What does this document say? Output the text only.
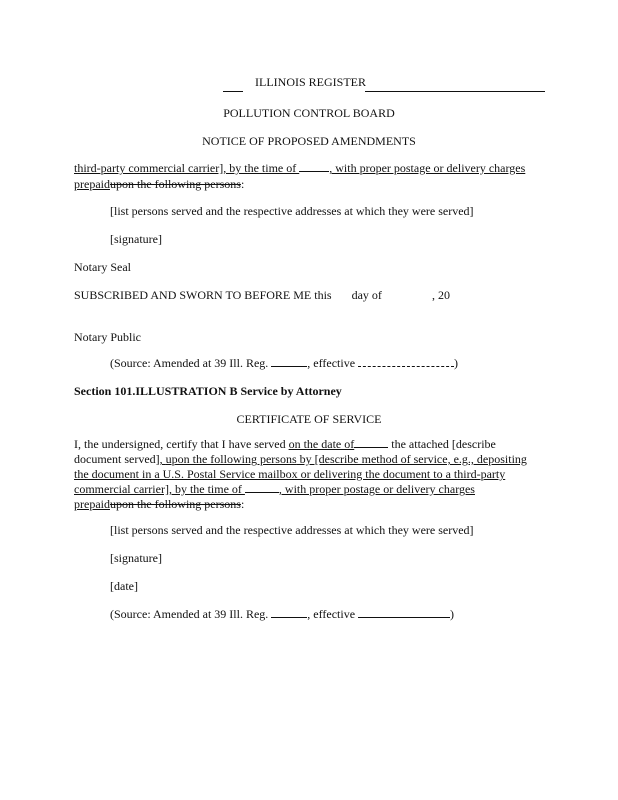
ILLINOIS REGISTER
POLLUTION CONTROL BOARD
NOTICE OF PROPOSED AMENDMENTS
third-party commercial carrier], by the time of	, with proper postage or delivery charges
prepaidupon the following persons:
[list persons served and the respective addresses at which they were served]
[signature]
Notary Seal
SUBSCRIBED AND SWORN TO BEFORE ME this day of	, 20
Notary Public
(Source: Amended at 39 Ill. Reg.	, effective	)
Section 101.ILLUSTRATION B Service by Attorney
CERTIFICATE OF SERVICE
I, the undersigned, certify that I have served on the date of	the attached [describe document served], upon the following persons by [describe method of service, e.g., depositing the document in a U.S. Postal Service mailbox or delivering the document to a third-party commercial carrier], by the time of	, with proper postage or delivery charges prepaidupon the following persons:
[list persons served and the respective addresses at which they were served]
[signature]
[date]
(Source: Amended at 39 Ill. Reg.	, effective	)
